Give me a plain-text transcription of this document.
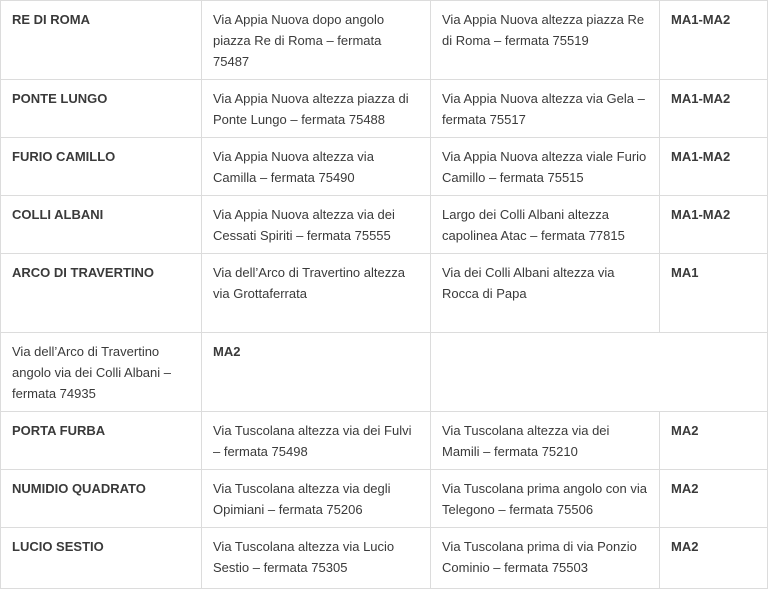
RE DI ROMA	Via Appia Nuova dopo angolo piazza Re di Roma – fermata 75487	Via Appia Nuova altezza piazza Re di Roma – fermata 75519	MA1-MA2
PONTE LUNGO	Via Appia Nuova altezza piazza di Ponte Lungo – fermata 75488	Via Appia Nuova altezza via Gela – fermata 75517	MA1-MA2
FURIO CAMILLO	Via Appia Nuova altezza via Camilla – fermata 75490	Via Appia Nuova altezza viale Furio Camillo – fermata 75515	MA1-MA2
COLLI ALBANI	Via Appia Nuova altezza via dei Cessati Spiriti – fermata 75555	Largo dei Colli Albani altezza capolinea Atac – fermata 77815	MA1-MA2
ARCO DI TRAVERTINO	Via dell’Arco di Travertino altezza via Grottaferrata	Via dei Colli Albani altezza via Rocca di Papa	MA1
Via dell’Arco di Travertino angolo via dei Colli Albani – fermata 74935	MA2		
PORTA FURBA	Via Tuscolana altezza via dei Fulvi – fermata 75498	Via Tuscolana altezza via dei Mamili – fermata 75210	MA2
NUMIDIO QUADRATO	Via Tuscolana altezza via degli Opimiani – fermata 75206	Via Tuscolana prima angolo con via Telegono – fermata 75506	MA2
LUCIO SESTIO	Via Tuscolana altezza via Lucio Sestio – fermata 75305	Via Tuscolana prima di via Ponzio Cominio – fermata 75503	MA2
